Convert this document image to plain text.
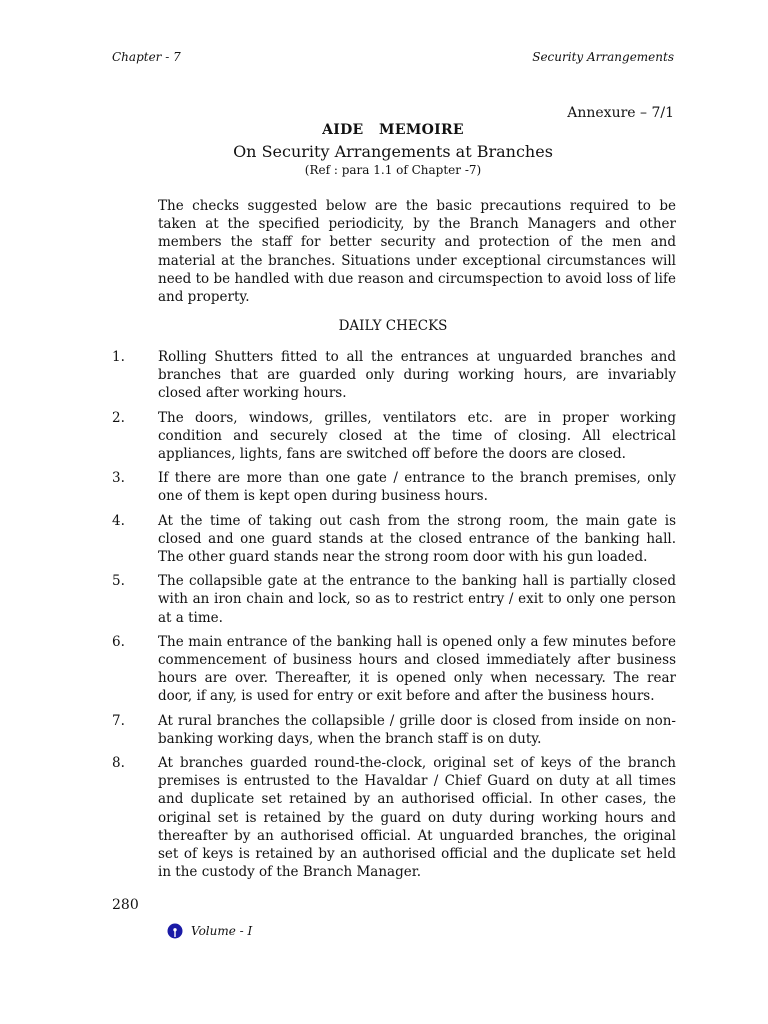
Chapter - 7	Security Arrangements
Annexure – 7/1
AIDE   MEMOIRE
On Security Arrangements at Branches
(Ref : para 1.1 of Chapter -7)

The checks suggested below are the basic precautions required to be taken at the specified periodicity, by the Branch Managers and other members the staff for better security and protection of the men and material at the branches. Situations under exceptional circumstances will need to be handled with due reason and circumspection to avoid loss of life and property.

DAILY CHECKS
1.	Rolling Shutters fitted to all the entrances at unguarded branches and branches that are guarded only during working hours, are invariably closed after working hours.
2.	The doors, windows, grilles, ventilators etc. are in proper working condition and securely closed at the time of closing. All electrical appliances, lights, fans are switched off before the doors are closed.
3.	If there are more than one gate / entrance to the branch premises, only one of them is kept open during business hours.
4.	At the time of taking out cash from the strong room, the main gate is closed and one guard stands at the closed entrance of the banking hall. The other guard stands near the strong room door with his gun loaded.
5.	The collapsible gate at the entrance to the banking hall is partially closed with an iron chain and lock, so as to restrict entry / exit to only one person at a time.
6.	The main entrance of the banking hall is opened only a few minutes before commencement of business hours and closed immediately after business hours are over. Thereafter, it is opened only when necessary. The rear door, if any, is used for entry or exit before and after the business hours.
7.	At rural branches the collapsible / grille door is closed from inside on non-banking working days, when the branch staff is on duty.
8.	At branches guarded round-the-clock, original set of keys of the branch premises is entrusted to the Havaldar / Chief Guard on duty at all times and duplicate set retained by an authorised official. In other cases, the original set is retained by the guard on duty during working hours and thereafter by an authorised official. At unguarded branches, the original set of keys is retained by an authorised official and the duplicate set held in the custody of the Branch Manager.
280
Volume - I
